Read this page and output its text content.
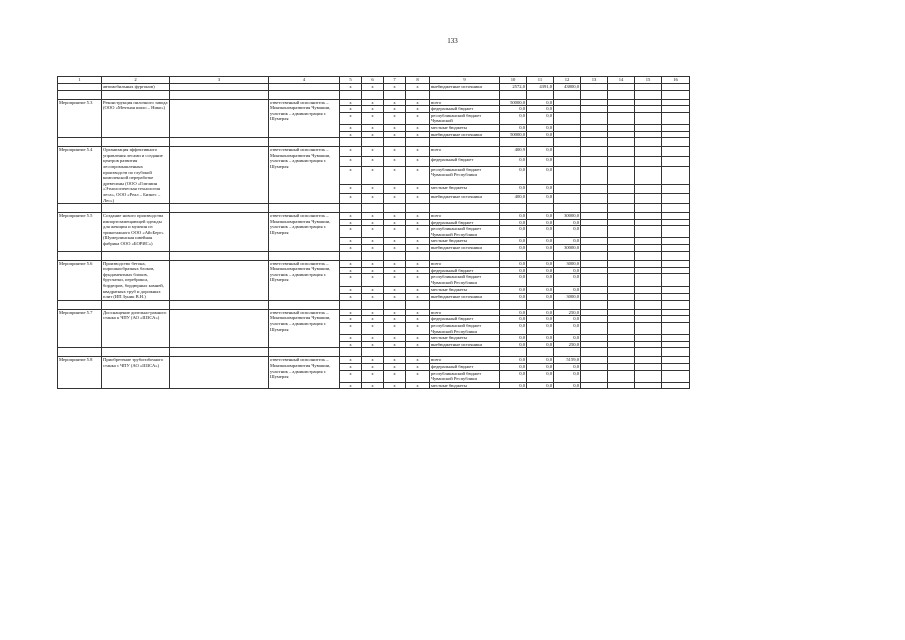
133
1	2	3	4	5	6	7	8	9	10	11	12	13	14	15	16
	автомобильных фургонов)			х	х	х	х	внебюджетные источники	2572,0	4391,0	43800,0				

Мероприятие 5.3	Реконструкция пилочного завода (ООО «Мечтная шило – Нико»)		ответственный исполнитель – Минэкономразвития Чувашии, участник – администрация г. Шумерля	х	х	х	х	всего	50000,0	0,0					
				х	х	х	х	федеральный бюджет	0,0	0,0					
				х	х	х	х	республиканский бюджет Чувашской	0,0	0,0					
				х	х	х	х	местные бюджеты	0,0	0,0					
				х	х	х	х	внебюджетные источники	50000,0	0,0					

Мероприятие 5.4	Организация эффективного управления лесами и создание центров развития лесопромышленных производств по глубокой комплексной переработке древесины (ООО «Гомчиин «Этнологическая технология леса», ООО «Реал – Бизнес – Лес»)		ответственный исполнитель – Минэкономразвития Чувашии, участник – администрация г. Шумерля	х	х	х	х	всего	400,9	0,0					
				х	х	х	х	федеральный бюджет	0,0	0,0					
				х	х	х	х	республиканский бюджет Чувашской Республики	0,0	0,0					
				х	х	х	х	местные бюджеты	0,0	0,0					
				х	х	х	х	внебюджетные источники	400,0	0,0					

Мероприятие 5.5	Создание нового производства импортозамещающей одежды для женщин и мужчин из трикотажного ООО «АйсБерг» (Шумерлинская швейная фабрика ООО «БОРИС»)		ответственный исполнитель – Минэкономразвития Чувашии, участник – администрация г. Шумерля	х	х	х	х	всего	0,0	0,0	30000,0				
				х	х	х	х	федеральный бюджет	0,0	0,0	0,0				
				х	х	х	х	республиканский бюджет Чувашской Республики	0,0	0,0	0,0				
				х	х	х	х	местные бюджеты	0,0	0,0	0,0				
				х	х	х	х	внебюджетные источники	0,0	0,0	30000,0				

Мероприятие 5.6	Производство бетона, порошкообразных блоков, фундаментных блоков, брусчатки, перебрикса, бордюров, бордюрных камней, квадратных труб и дорожных плит (ИП Зуник В.Н.)		ответственный исполнитель – Минэкономразвития Чувашии, участник – администрация г. Шумерля	х	х	х	х	всего	0,0	0,0	3000,0				
				х	х	х	х	федеральный бюджет	0,0	0,0	0,0				
				х	х	х	х	республиканский бюджет Чувашской Республики	0,0	0,0	0,0				
				х	х	х	х	местные бюджеты	0,0	0,0	0,0				
				х	х	х	х	внебюджетные источники	0,0	0,0	3000,0				

Мероприятие 5.7	Дооснащение дизельно-рамного станка к ЧПУ (АО «ШЗСА»)		ответственный исполнитель – Минэкономразвития Чувашии, участник – администрация г. Шумерля	х	х	х	х	всего	0,0	0,0	250,0				
				х	х	х	х	федеральный бюджет	0,0	0,0	0,0				
				х	х	х	х	республиканский бюджет Чувашской Республики	0,0	0,0	0,0				
				х	х	х	х	местные бюджеты	0,0	0,0	0,0				
				х	х	х	х	внебюджетные источники	0,0	0,0	250,0				

Мероприятие 5.8	Приобретение трубогибочного станка с ЧПУ (АО «ШЗСА»)		ответственный исполнитель – Минэкономразвития Чувашии, участник – администрация г. Шумерля	х	х	х	х	всего	0,0	0,0	5159,0				
				х	х	х	х	федеральный бюджет	0,0	0,0	0,0				
				х	х	х	х	республиканский бюджет Чувашской Республики	0,0	0,0	0,0				
				х	х	х	х	местные бюджеты	0,0	0,0	0,0				
